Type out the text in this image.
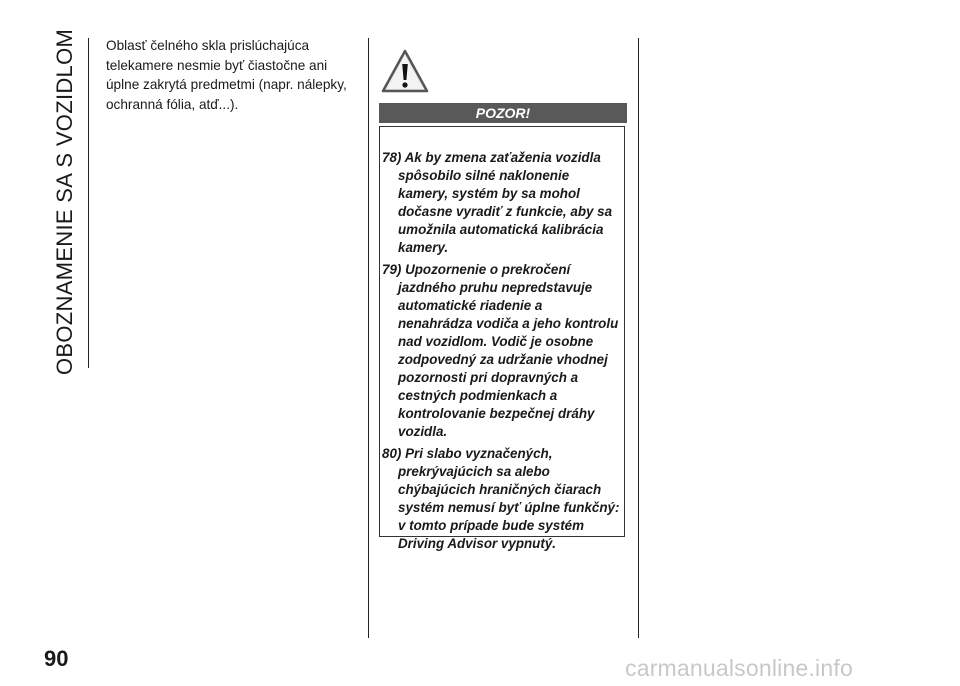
OBOZNAMENIE SA S VOZIDLOM Oblasť čelného skla prislúchajúca telekamere nesmie byť čiastočne ani úplne zakrytá predmetmi (napr. nálepky, ochranná fólia, atď...).
POZOR!
78) Ak by zmena zaťaženia vozidla spôsobilo silné naklonenie kamery, systém by sa mohol dočasne vyradiť z funkcie, aby sa umožnila automatická kalibrácia kamery.
79) Upozornenie o prekročení jazdného pruhu nepredstavuje automatické riadenie a nenahrádza vodiča a jeho kontrolu nad vozidlom. Vodič je osobne zodpovedný za udržanie vhodnej pozornosti pri dopravných a cestných podmienkach a kontrolovanie bezpečnej dráhy vozidla.
80) Pri slabo vyznačených, prekrývajúcich sa alebo chýbajúcich hraničných čiarach systém nemusí byť úplne funkčný: v tomto prípade bude systém Driving Advisor vypnutý.
90	carmanualsonline.info
